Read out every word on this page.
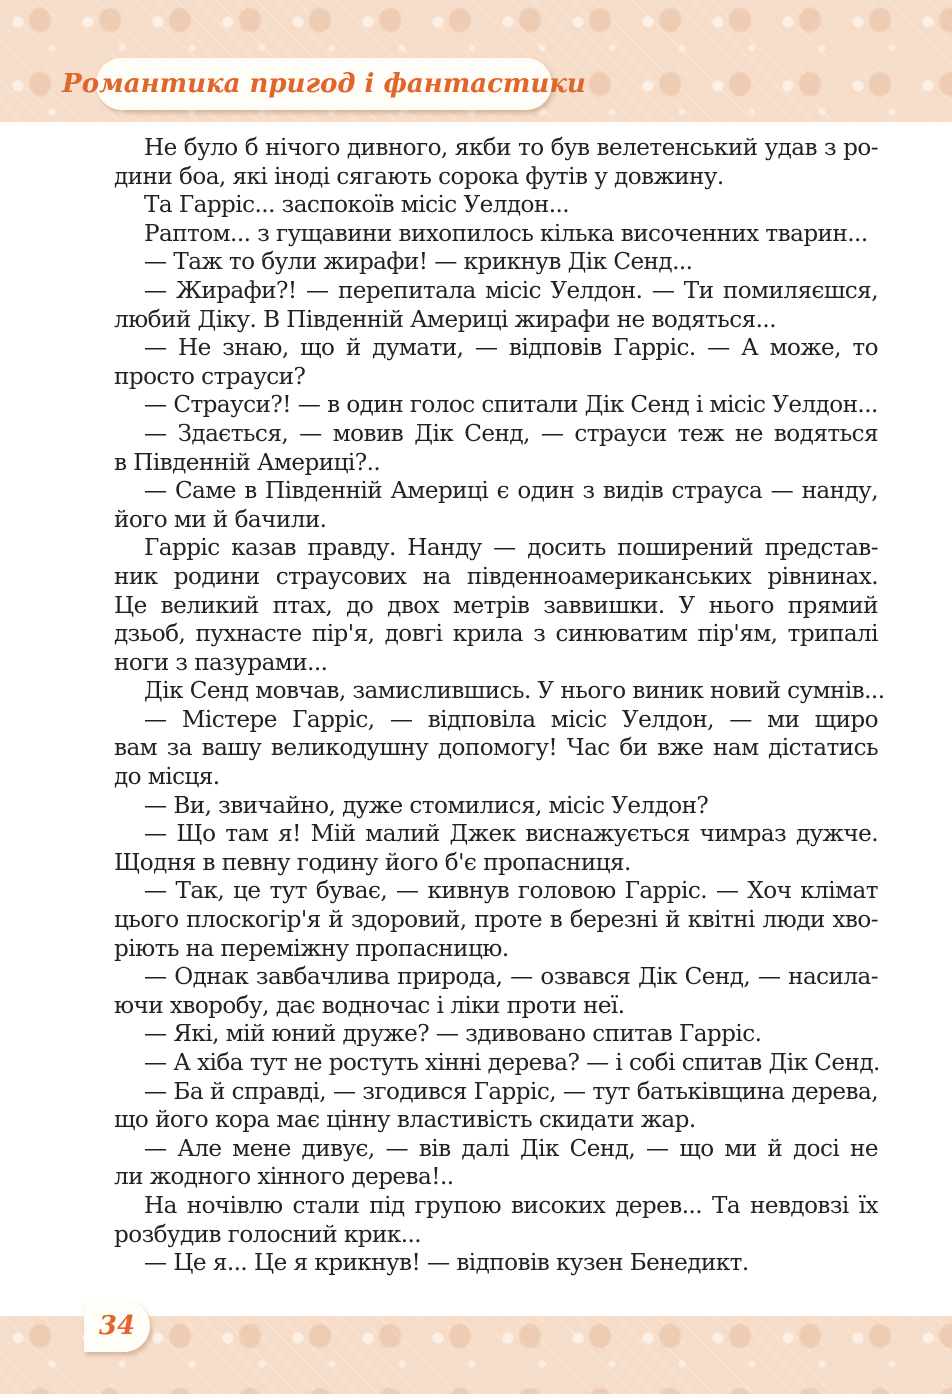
Романтика пригод і фантастики
Не було б нічого дивного, якби то був велетенський удав з ро-
дини боа, які іноді сягають сорока футів у довжину.
Та Гарріс... заспокоїв місіс Уелдон...
Раптом... з гущавини вихопилось кілька височенних тварин...
— Таж то були жирафи! — крикнув Дік Сенд...
— Жирафи?! — перепитала місіс Уелдон. — Ти помиляєшся,
любий Діку. В Південній Америці жирафи не водяться...
— Не знаю, що й думати, — відповів Гарріс. — А може, то
просто страуси?
— Страуси?! — в один голос спитали Дік Сенд і місіс Уелдон...
— Здається, — мовив Дік Сенд, — страуси теж не водяться
в Південній Америці?..
— Саме в Південній Америці є один з видів страуса — нанду,
його ми й бачили.
Гарріс казав правду. Нанду — досить поширений представ-
ник родини страусових на південноамериканських рівнинах.
Це великий птах, до двох метрів заввишки. У нього прямий
дзьоб, пухнасте пір'я, довгі крила з синюватим пір'ям, трипалі
ноги з пазурами...
Дік Сенд мовчав, замислившись. У нього виник новий сумнів...
— Містере Гарріс, — відповіла місіс Уелдон, — ми щиро
вам за вашу великодушну допомогу! Час би вже нам дістатись
до місця.
— Ви, звичайно, дуже стомилися, місіс Уелдон?
— Що там я! Мій малий Джек виснажується чимраз дужче.
Щодня в певну годину його б'є пропасниця.
— Так, це тут буває, — кивнув головою Гарріс. — Хоч клімат
цього плоскогір'я й здоровий, проте в березні й квітні люди хво-
ріють на переміжну пропасницю.
— Однак завбачлива природа, — озвався Дік Сенд, — насила-
ючи хворобу, дає водночас і ліки проти неї.
— Які, мій юний друже? — здивовано спитав Гарріс.
— А хіба тут не ростуть хінні дерева? — і собі спитав Дік Сенд.
— Ба й справді, — згодився Гарріс, — тут батьківщина дерева,
що його кора має цінну властивість скидати жар.
— Але мене дивує, — вів далі Дік Сенд, — що ми й досі не
ли жодного хінного дерева!..
На ночівлю стали під групою високих дерев... Та невдовзі їх
розбудив голосний крик...
— Це я... Це я крикнув! — відповів кузен Бенедикт.
34
